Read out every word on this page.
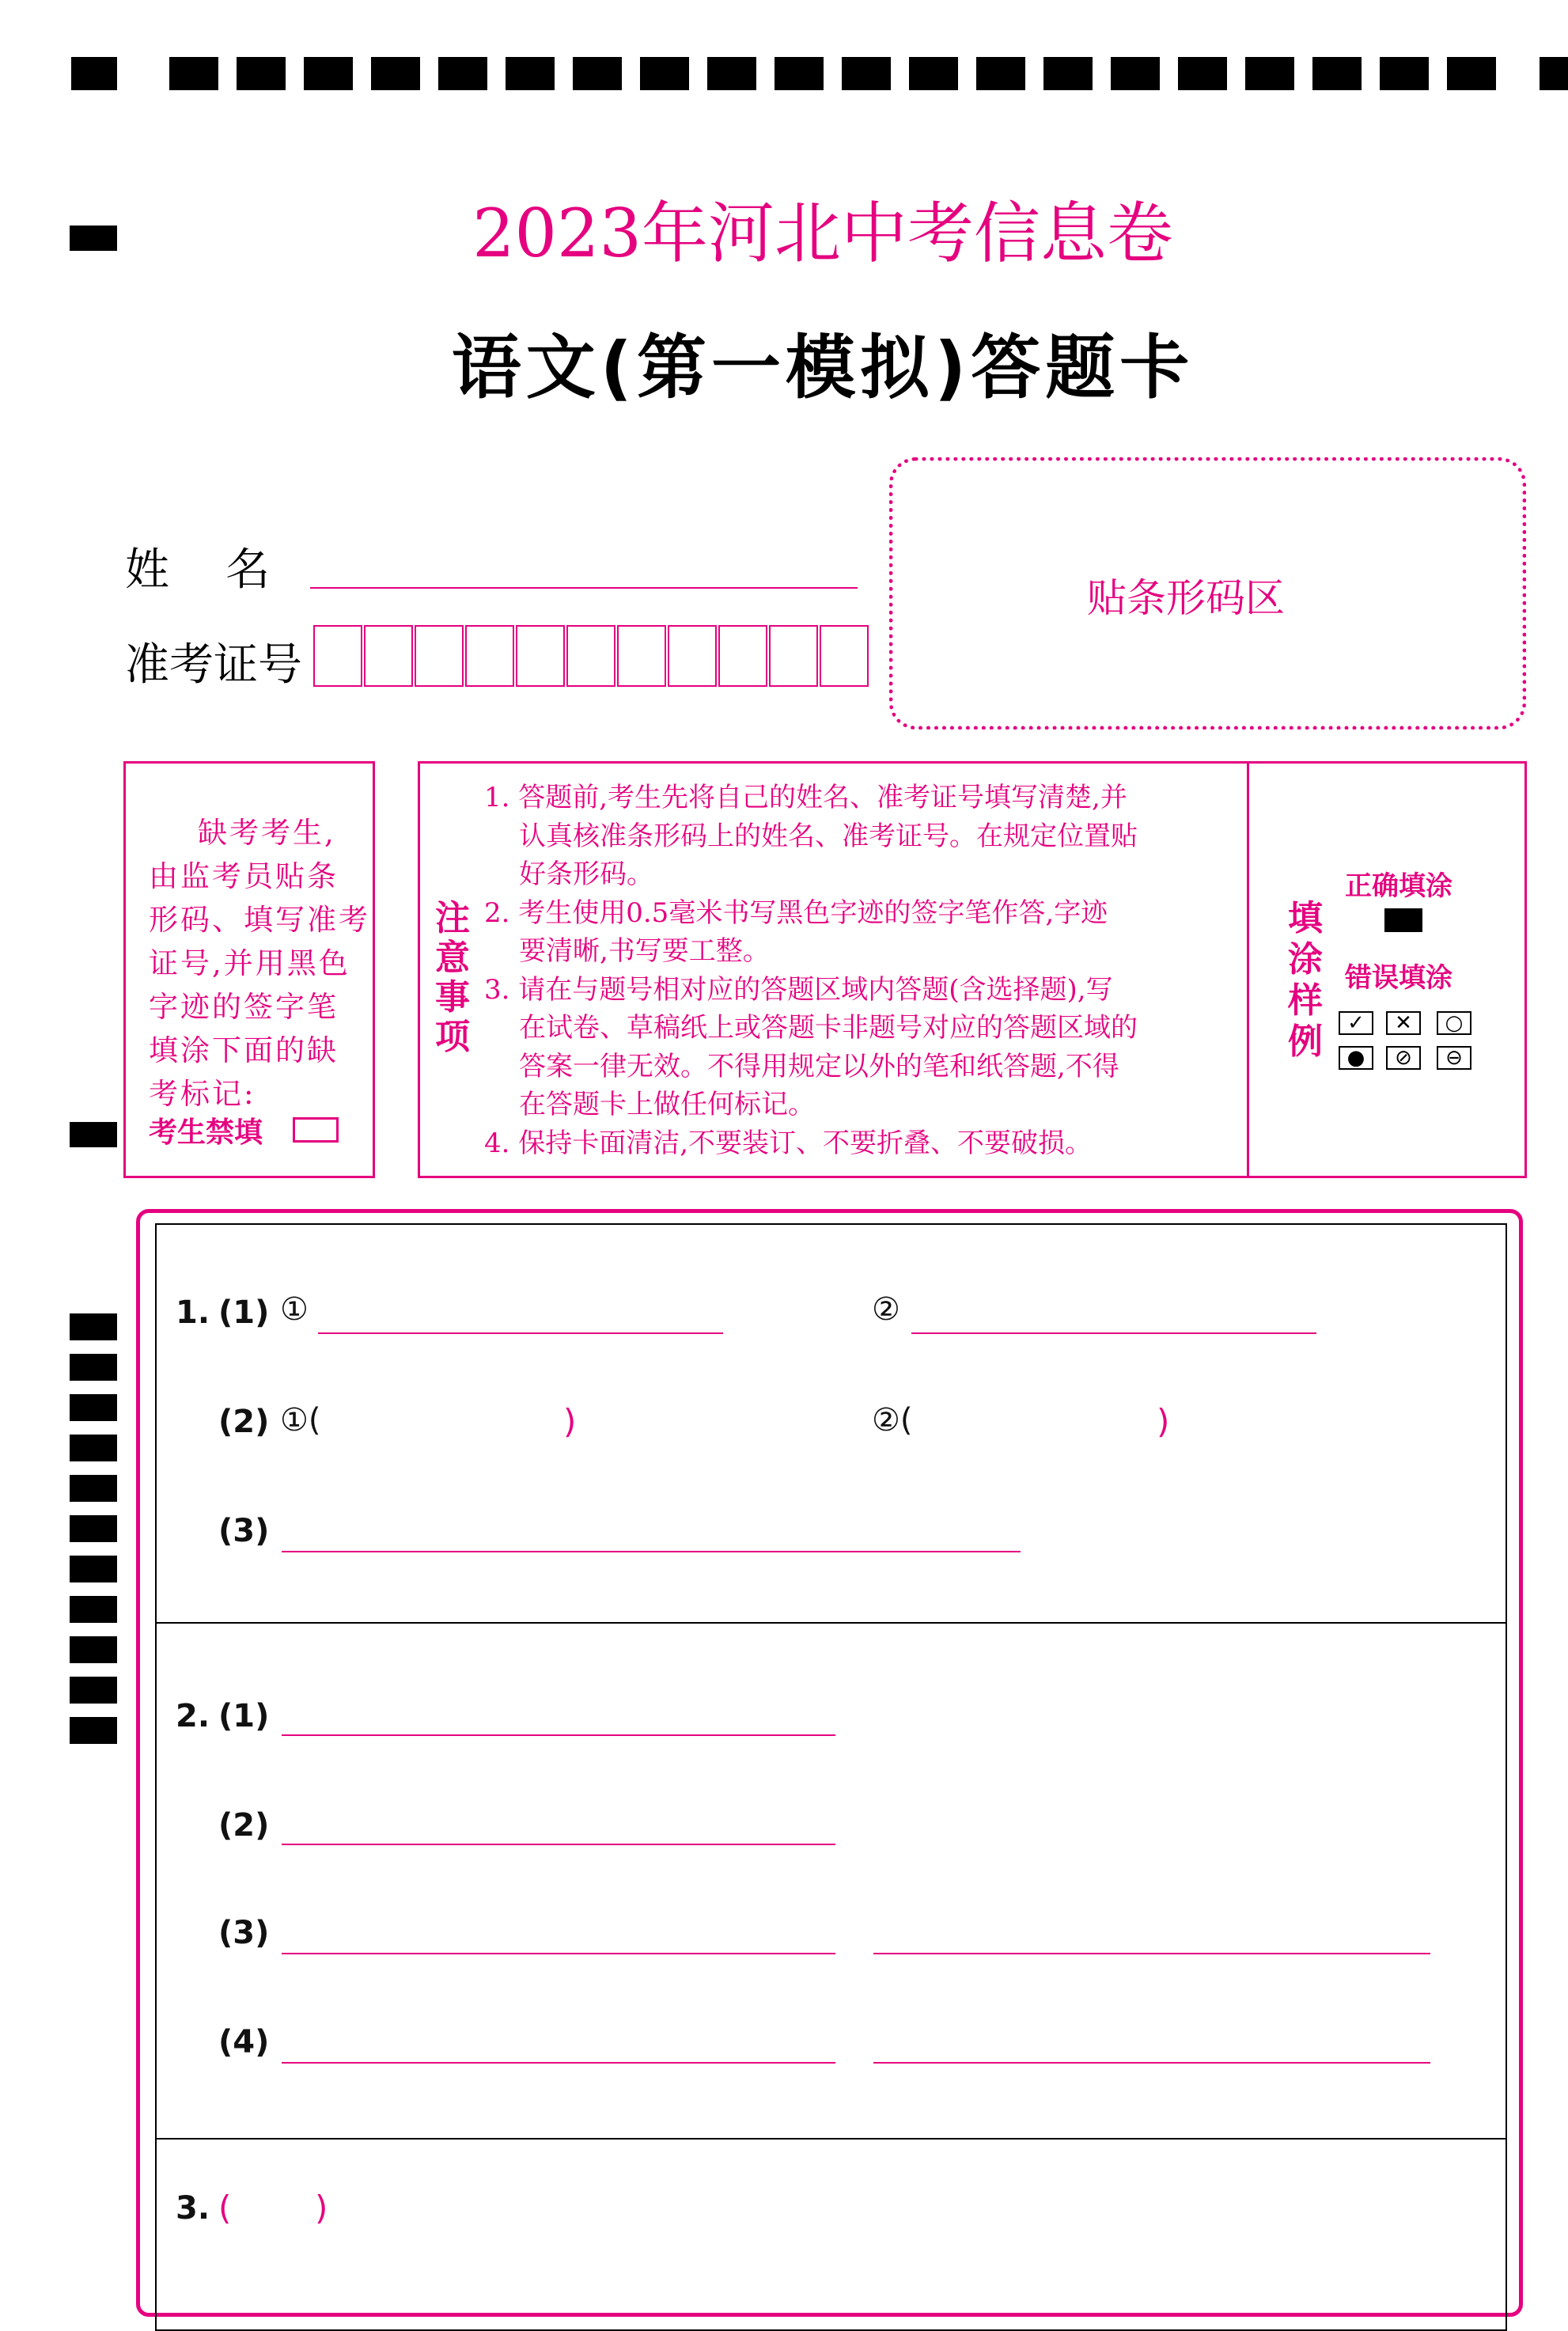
2023年河北中考信息卷
语文(第一模拟)答题卡
姓    名
准考证号
贴条形码区
缺考考生,
由监考员贴条
形码、填写准考
证号,并用黑色
字迹的签字笔
填涂下面的缺
考标记:
考生禁填
注
意
事
项
1. 答题前,考生先将自己的姓名、准考证号填写清楚,并
认真核准条形码上的姓名、准考证号。在规定位置贴
好条形码。
2. 考生使用0.5毫米书写黑色字迹的签字笔作答,字迹
要清晰,书写要工整。
3. 请在与题号相对应的答题区域内答题(含选择题),写
在试卷、草稿纸上或答题卡非题号对应的答题区域的
答案一律无效。不得用规定以外的笔和纸答题,不得
在答题卡上做任何标记。
4. 保持卡面清洁,不要装订、不要折叠、不要破损。
填
涂
样
例
正确填涂
错误填涂
✓	✕	○
●	⊘	⊖
1. (1) ①	②
(2) ①(	)	②(	)
(3)
2. (1)
(2)
(3)
(4)
3. (	)
